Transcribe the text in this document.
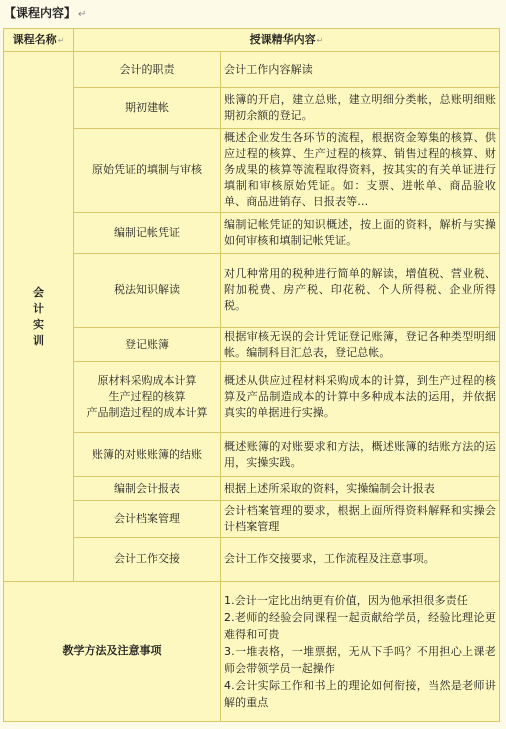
【课程内容】 ↵
课程名称↵	授课精华内容↵	

会
计
实
训	会计的职责	会计工作内容解读

	期初建帐	账簿的开启，建立总账，建立明细分类帐，总账明细账期初余额的登记。

	原始凭证的填制与审核	概述企业发生各环节的流程，根据资金筹集的核算、供应过程的核算、生产过程的核算、销售过程的核算、财务成果的核算等流程取得资料，按其实的有关单证进行填制和审核原始凭证。如：支票、进帐单、商品验收单、商品进销存、日报表等…

	编制记帐凭证	编制记帐凭证的知识概述，按上面的资料，解析与实操如何审核和填制记帐凭证。

	税法知识解读	对几种常用的税种进行简单的解读，增值税、营业税、附加税费、房产税、印花税、个人所得税、企业所得税。

	登记账簿	根据审核无误的会计凭证登记账簿，登记各种类型明细帐。编制科目汇总表，登记总帐。

	原材料采购成本计算
生产过程的核算
产品制造过程的成本计算	概述从供应过程材料采购成本的计算，到生产过程的核算及产品制造成本的计算中多种成本法的运用，并依据真实的单据进行实操。

	账簿的对账账簿的结账	概述账簿的对账要求和方法，概述账簿的结账方法的运用，实操实践。

	编制会计报表	根据上述所采取的资料，实操编制会计报表

	会计档案管理	会计档案管理的要求，根据上面所得资料解释和实操会计档案管理

	会计工作交接	会计工作交接要求，工作流程及注意事项。
教学方法及注意事项		1.会计一定比出纳更有价值，因为他承担很多责任
2.老师的经验会同课程一起贡献给学员，经验比理论更难得和可贵
3.一堆表格，一堆票据，无从下手吗？不用担心上课老师会带领学员一起操作
4.会计实际工作和书上的理论如何衔接，当然是老师讲解的重点
